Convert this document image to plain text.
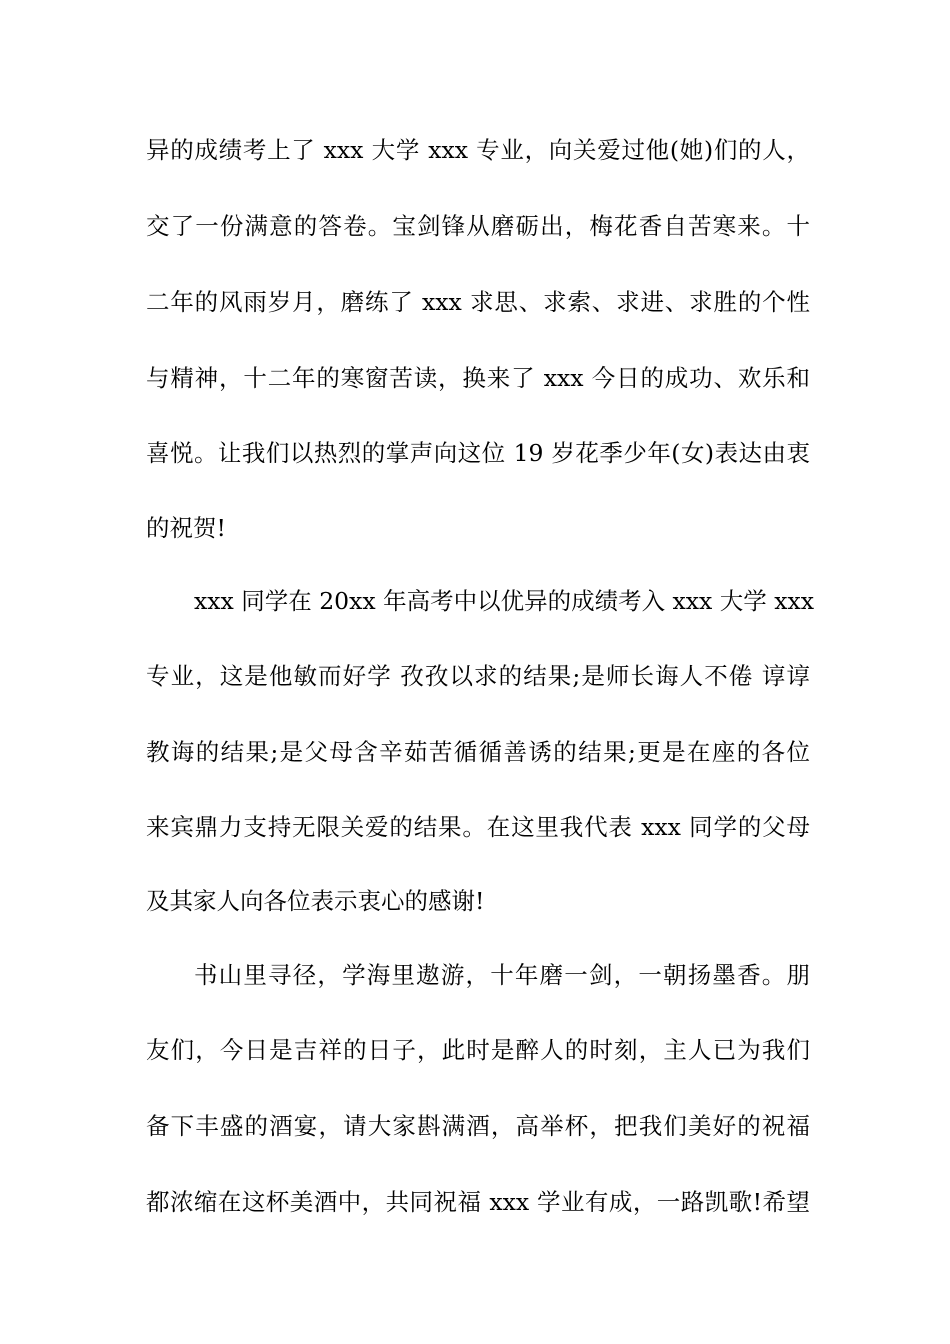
异的成绩考上了 xxx 大学 xxx 专业，向关爱过他(她)们的人，
交了一份满意的答卷。宝剑锋从磨砺出，梅花香自苦寒来。十
二年的风雨岁月，磨练了 xxx 求思、求索、求进、求胜的个性
与精神，十二年的寒窗苦读，换来了 xxx 今日的成功、欢乐和
喜悦。让我们以热烈的掌声向这位 19 岁花季少年(女)表达由衷
的祝贺!
xxx 同学在 20xx 年高考中以优异的成绩考入 xxx 大学 xxx
专业，这是他敏而好学 孜孜以求的结果;是师长诲人不倦 谆谆
教诲的结果;是父母含辛茹苦循循善诱的结果;更是在座的各位
来宾鼎力支持无限关爱的结果。在这里我代表 xxx 同学的父母
及其家人向各位表示衷心的感谢!
书山里寻径，学海里遨游，十年磨一剑，一朝扬墨香。朋
友们，今日是吉祥的日子，此时是醉人的时刻，主人已为我们
备下丰盛的酒宴，请大家斟满酒，高举杯，把我们美好的祝福
都浓缩在这杯美酒中，共同祝福 xxx 学业有成，一路凯歌!希望
